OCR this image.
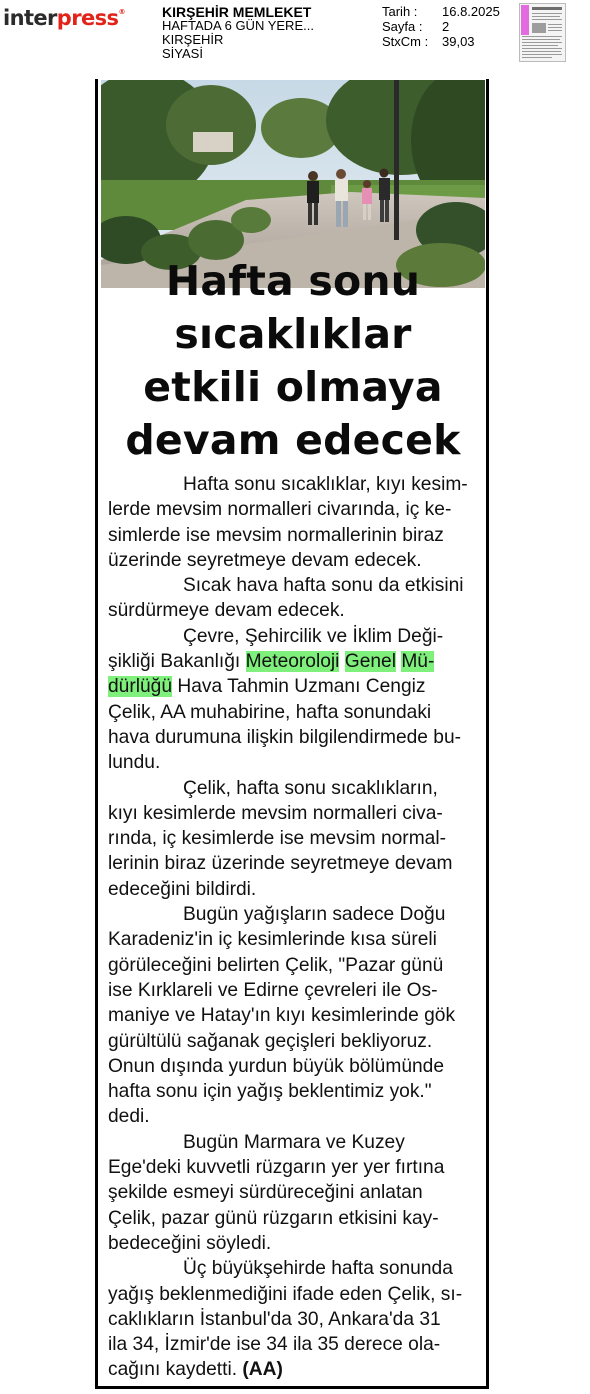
interpress®	KIRŞEHİR MEMLEKET
HAFTADA 6 GÜN YERE...
KIRŞEHİR
SİYASİ
Tarih :	16.8.2025
Sayfa :	2
StxCm :	39,03
Hafta sonu
sıcaklıklar
etkili olmaya
devam edecek
Hafta sonu sıcaklıklar, kıyı kesim-
lerde mevsim normalleri civarında, iç ke-
simlerde ise mevsim normallerinin biraz
üzerinde seyretmeye devam edecek.
Sıcak hava hafta sonu da etkisini
sürdürmeye devam edecek.
Çevre, Şehircilik ve İklim Deği-
şikliği Bakanlığı Meteoroloji Genel Mü-
dürlüğü Hava Tahmin Uzmanı Cengiz
Çelik, AA muhabirine, hafta sonundaki
hava durumuna ilişkin bilgilendirmede bu-
lundu.
Çelik, hafta sonu sıcaklıkların,
kıyı kesimlerde mevsim normalleri civa-
rında, iç kesimlerde ise mevsim normal-
lerinin biraz üzerinde seyretmeye devam
edeceğini bildirdi.
Bugün yağışların sadece Doğu
Karadeniz'in iç kesimlerinde kısa süreli
görüleceğini belirten Çelik, "Pazar günü
ise Kırklareli ve Edirne çevreleri ile Os-
maniye ve Hatay'ın kıyı kesimlerinde gök
gürültülü sağanak geçişleri bekliyoruz.
Onun dışında yurdun büyük bölümünde
hafta sonu için yağış beklentimiz yok."
dedi.
Bugün Marmara ve Kuzey
Ege'deki kuvvetli rüzgarın yer yer fırtına
şekilde esmeyi sürdüreceğini anlatan
Çelik, pazar günü rüzgarın etkisini kay-
bedeceğini söyledi.
Üç büyükşehirde hafta sonunda
yağış beklenmediğini ifade eden Çelik, sı-
caklıkların İstanbul'da 30, Ankara'da 31
ila 34, İzmir'de ise 34 ila 35 derece ola-
cağını kaydetti. (AA)
